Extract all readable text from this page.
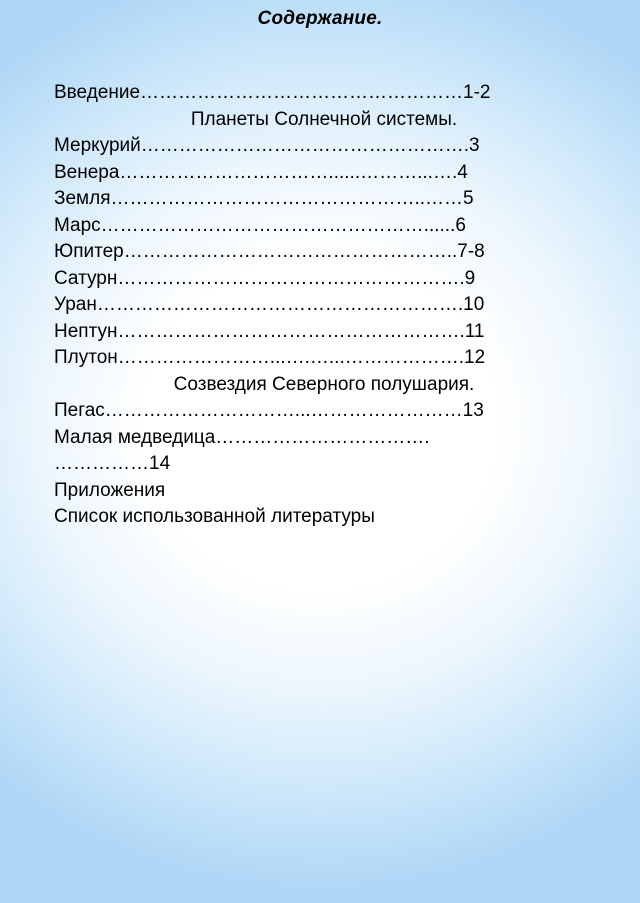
Содержание.
Введение……………………………………………1-2
Планеты Солнечной системы.
Меркурий…………………………………………….3
Венера……………………………......………...….4
Земля…………………………………………..……5
Марс……………………………………………......6
Юпитер……………………………………………..7-8
Сатурн……………………………………………….9
Уран………………………………………………….10
Нептун……………………………………………….11
Плутон……………………...….…...……………….12
Созвездия Северного полушария.
Пегас…………………………...……………………13
Малая медведица…………………………….
……………14
Приложения
Список использованной литературы
